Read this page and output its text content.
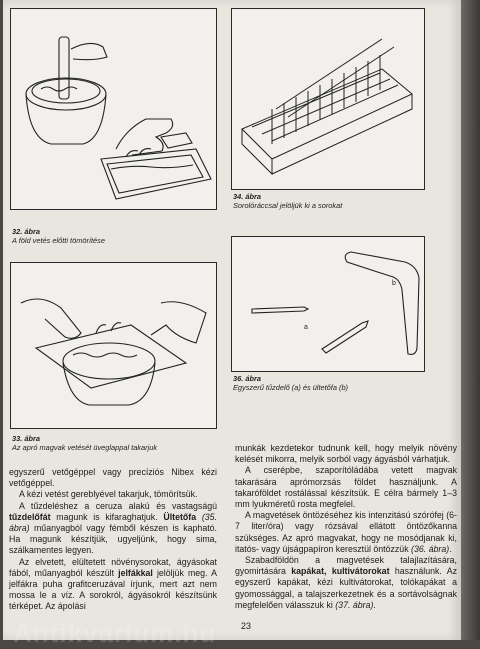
32. ábra
A föld vetés előtti tömörítése
34. ábra
Sorolóráccsal jelöljük ki a sorokat
33. ábra
Az apró magvak vetését üveglappal takarjuk
b
a
36. ábra
Egyszerű tűzdelő (a) és ültetőfa (b)

egyszerű vetőgéppel vagy precíziós Nibex kézi vetőgéppel.

A kézi vetést gereblyével takarjuk, tömörítsük.

A tűzdeléshez a ceruza alakú és vastagságú tűzdelőfát magunk is kifaraghatjuk. Ültetőfa (35. ábra) műanyagból vagy fémből készen is kapható. Ha magunk készítjük, ugyeljünk, hogy sima, szálkamentes legyen.

Az elvetett, elültetett növénysorokat, ágyásokat fából, műanyagból készült jelfákkal jelöljük meg. A jelfákra puha grafitceruzával írjunk, mert azt nem mossa le a víz. A sorokról, ágyásokról készítsünk térképet. Az ápolási

munkák kezdetekor tudnunk kell, hogy melyik növény kelését mikorra, melyik sorból vagy ágyásból várhatjuk.

A cserépbe, szaporítóládába vetett magvak takarására aprómorzsás földet használjunk. A takaróföldet rostálással készítsük. E célra bármely 1–3 mm lyukméretű rosta megfelel.

A magvetések öntözéséhez kis intenzitású szórófej (6-7 liter/óra) vagy rózsával ellátott öntözőkanna szükséges. Az apró magvakat, hogy ne mosódjanak ki, itatós- vagy újságpapíron keresztül öntözzük (36. ábra).

Szabadföldön a magvetések talajlazítására, gyomirtására kapákat, kultivátorokat használunk. Az egyszerű kapákat, kézi kultivátorokat, tolókapákat a gyomossággal, a talajszerkezetnek és a sortávolságnak megfelelően válasszuk ki (37. ábra).

23
Antikvarium.hu
